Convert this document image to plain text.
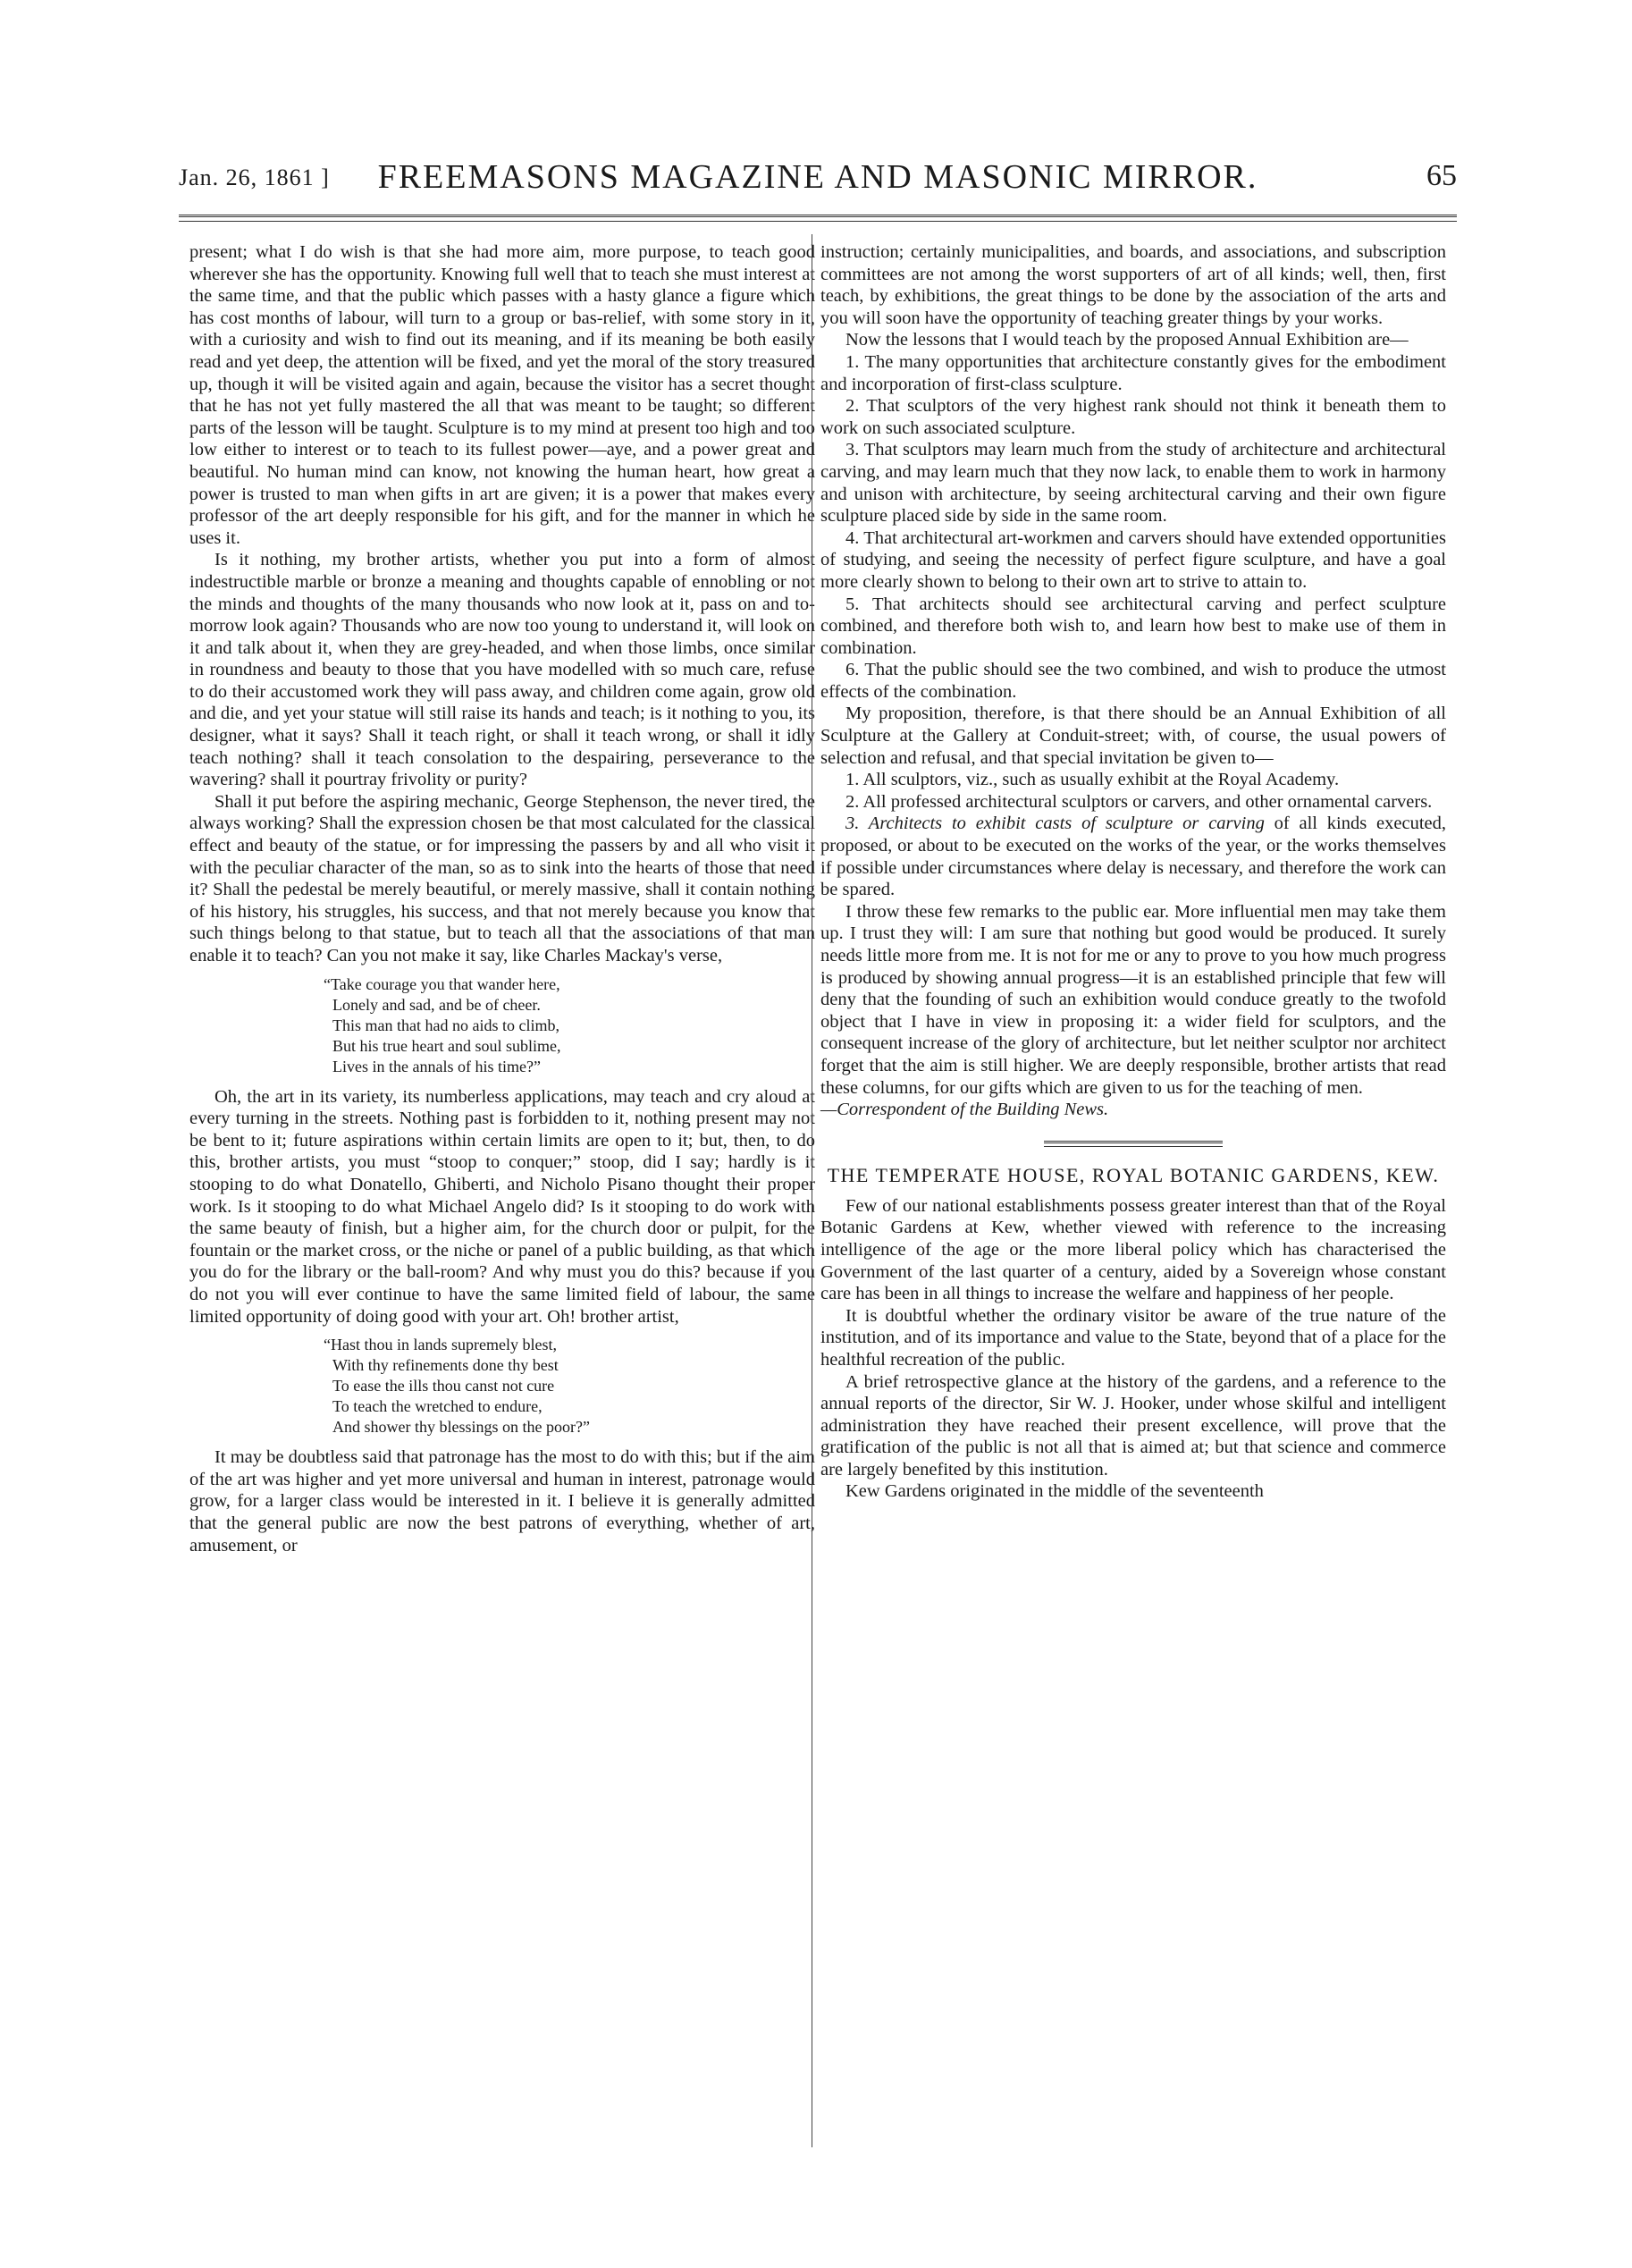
Jan. 26, 1861 ]	FREEMASONS MAGAZINE AND MASONIC MIRROR.	65

present; what I do wish is that she had more aim, more purpose, to teach good wherever she has the opportunity. Knowing full well that to teach she must interest at the same time, and that the public which passes with a hasty glance a figure which has cost months of labour, will turn to a group or bas-relief, with some story in it, with a curiosity and wish to find out its meaning, and if its meaning be both easily read and yet deep, the attention will be fixed, and yet the moral of the story treasured up, though it will be visited again and again, because the visitor has a secret thought that he has not yet fully mastered the all that was meant to be taught; so different parts of the lesson will be taught. Sculpture is to my mind at present too high and too low either to interest or to teach to its fullest power—aye, and a power great and beautiful. No human mind can know, not knowing the human heart, how great a power is trusted to man when gifts in art are given; it is a power that makes every professor of the art deeply responsible for his gift, and for the manner in which he uses it.

Is it nothing, my brother artists, whether you put into a form of almost indestructible marble or bronze a meaning and thoughts capable of ennobling or not the minds and thoughts of the many thousands who now look at it, pass on and to-morrow look again? Thousands who are now too young to understand it, will look on it and talk about it, when they are grey-headed, and when those limbs, once similar in roundness and beauty to those that you have modelled with so much care, refuse to do their accustomed work they will pass away, and children come again, grow old and die, and yet your statue will still raise its hands and teach; is it nothing to you, its designer, what it says? Shall it teach right, or shall it teach wrong, or shall it idly teach nothing? shall it teach consolation to the despairing, perseverance to the wavering? shall it pourtray frivolity or purity?

Shall it put before the aspiring mechanic, George Stephenson, the never tired, the always working? Shall the expression chosen be that most calculated for the classical effect and beauty of the statue, or for impressing the passers by and all who visit it with the peculiar character of the man, so as to sink into the hearts of those that need it? Shall the pedestal be merely beautiful, or merely massive, shall it contain nothing of his history, his struggles, his success, and that not merely because you know that such things belong to that statue, but to teach all that the associations of that man enable it to teach? Can you not make it say, like Charles Mackay's verse,

“Take courage you that wander here,
Lonely and sad, and be of cheer.
This man that had no aids to climb,
But his true heart and soul sublime,
Lives in the annals of his time?”

Oh, the art in its variety, its numberless applications, may teach and cry aloud at every turning in the streets. Nothing past is forbidden to it, nothing present may not be bent to it; future aspirations within certain limits are open to it; but, then, to do this, brother artists, you must “stoop to conquer;” stoop, did I say; hardly is it stooping to do what Donatello, Ghiberti, and Nicholo Pisano thought their proper work. Is it stooping to do what Michael Angelo did? Is it stooping to do work with the same beauty of finish, but a higher aim, for the church door or pulpit, for the fountain or the market cross, or the niche or panel of a public building, as that which you do for the library or the ball-room? And why must you do this? because if you do not you will ever continue to have the same limited field of labour, the same limited opportunity of doing good with your art. Oh! brother artist,

“Hast thou in lands supremely blest,
With thy refinements done thy best
To ease the ills thou canst not cure
To teach the wretched to endure,
And shower thy blessings on the poor?”

It may be doubtless said that patronage has the most to do with this; but if the aim of the art was higher and yet more universal and human in interest, patronage would grow, for a larger class would be interested in it. I believe it is generally admitted that the general public are now the best patrons of everything, whether of art, amusement, or

instruction; certainly municipalities, and boards, and associations, and subscription committees are not among the worst supporters of art of all kinds; well, then, first teach, by exhibitions, the great things to be done by the association of the arts and you will soon have the opportunity of teaching greater things by your works.

Now the lessons that I would teach by the proposed Annual Exhibition are—

1. The many opportunities that architecture constantly gives for the embodiment and incorporation of first-class sculpture.

2. That sculptors of the very highest rank should not think it beneath them to work on such associated sculpture.

3. That sculptors may learn much from the study of architecture and architectural carving, and may learn much that they now lack, to enable them to work in harmony and unison with architecture, by seeing architectural carving and their own figure sculpture placed side by side in the same room.

4. That architectural art-workmen and carvers should have extended opportunities of studying, and seeing the necessity of perfect figure sculpture, and have a goal more clearly shown to belong to their own art to strive to attain to.

5. That architects should see architectural carving and perfect sculpture combined, and therefore both wish to, and learn how best to make use of them in combination.

6. That the public should see the two combined, and wish to produce the utmost effects of the combination.

My proposition, therefore, is that there should be an Annual Exhibition of all Sculpture at the Gallery at Conduit-street; with, of course, the usual powers of selection and refusal, and that special invitation be given to—

1. All sculptors, viz., such as usually exhibit at the Royal Academy.

2. All professed architectural sculptors or carvers, and other ornamental carvers.

3. Architects to exhibit casts of sculpture or carving of all kinds executed, proposed, or about to be executed on the works of the year, or the works themselves if possible under circumstances where delay is necessary, and therefore the work can be spared.

I throw these few remarks to the public ear. More influential men may take them up. I trust they will: I am sure that nothing but good would be produced. It surely needs little more from me. It is not for me or any to prove to you how much progress is produced by showing annual progress—it is an established principle that few will deny that the founding of such an exhibition would conduce greatly to the twofold object that I have in view in proposing it: a wider field for sculptors, and the consequent increase of the glory of architecture, but let neither sculptor nor architect forget that the aim is still higher. We are deeply responsible, brother artists that read these columns, for our gifts which are given to us for the teaching of men.

—Correspondent of the Building News.

THE TEMPERATE HOUSE, ROYAL BOTANIC GARDENS, KEW.

Few of our national establishments possess greater interest than that of the Royal Botanic Gardens at Kew, whether viewed with reference to the increasing intelligence of the age or the more liberal policy which has characterised the Government of the last quarter of a century, aided by a Sovereign whose constant care has been in all things to increase the welfare and happiness of her people.

It is doubtful whether the ordinary visitor be aware of the true nature of the institution, and of its importance and value to the State, beyond that of a place for the healthful recreation of the public.

A brief retrospective glance at the history of the gardens, and a reference to the annual reports of the director, Sir W. J. Hooker, under whose skilful and intelligent administration they have reached their present excellence, will prove that the gratification of the public is not all that is aimed at; but that science and commerce are largely benefited by this institution.

Kew Gardens originated in the middle of the seventeenth
